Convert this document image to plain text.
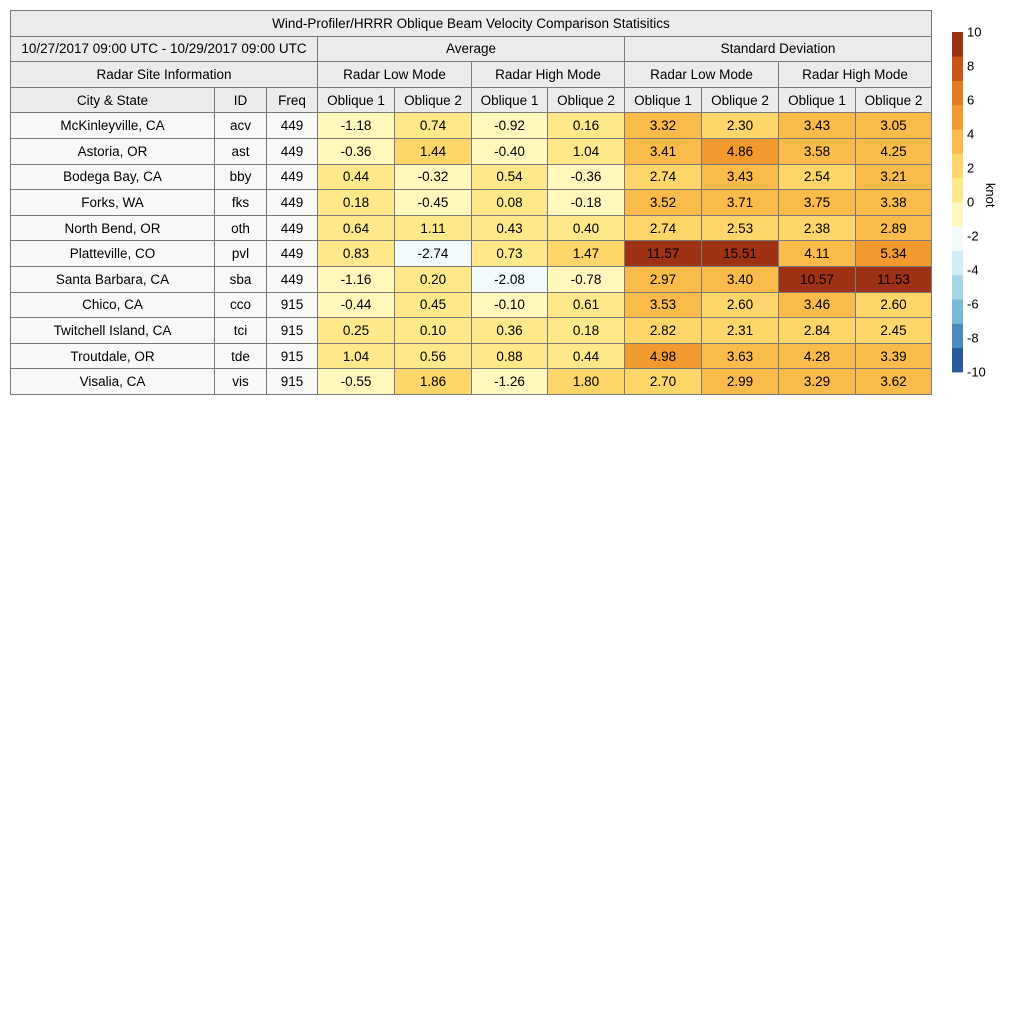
Wind-Profiler/HRRR Oblique Beam Velocity Comparison Statisitics										
10/27/2017 09:00 UTC - 10/29/2017 09:00 UTC			Average				Standard Deviation			
Radar Site Information			Radar Low Mode		Radar High Mode		Radar Low Mode		Radar High Mode	
City & State	ID	Freq	Oblique 1	Oblique 2	Oblique 1	Oblique 2	Oblique 1	Oblique 2	Oblique 1	Oblique 2
McKinleyville, CA	acv	449	-1.18	0.74	-0.92	0.16	3.32	2.30	3.43	3.05
Astoria, OR	ast	449	-0.36	1.44	-0.40	1.04	3.41	4.86	3.58	4.25
Bodega Bay, CA	bby	449	0.44	-0.32	0.54	-0.36	2.74	3.43	2.54	3.21
Forks, WA	fks	449	0.18	-0.45	0.08	-0.18	3.52	3.71	3.75	3.38
North Bend, OR	oth	449	0.64	1.11	0.43	0.40	2.74	2.53	2.38	2.89
Platteville, CO	pvl	449	0.83	-2.74	0.73	1.47	11.57	15.51	4.11	5.34
Santa Barbara, CA	sba	449	-1.16	0.20	-2.08	-0.78	2.97	3.40	10.57	11.53
Chico, CA	cco	915	-0.44	0.45	-0.10	0.61	3.53	2.60	3.46	2.60
Twitchell Island, CA	tci	915	0.25	0.10	0.36	0.18	2.82	2.31	2.84	2.45
Troutdale, OR	tde	915	1.04	0.56	0.88	0.44	4.98	3.63	4.28	3.39
Visalia, CA	vis	915	-0.55	1.86	-1.26	1.80	2.70	2.99	3.29	3.62
10
8
6
4
2
0
-2
-4
-6
-8
-10
knot
